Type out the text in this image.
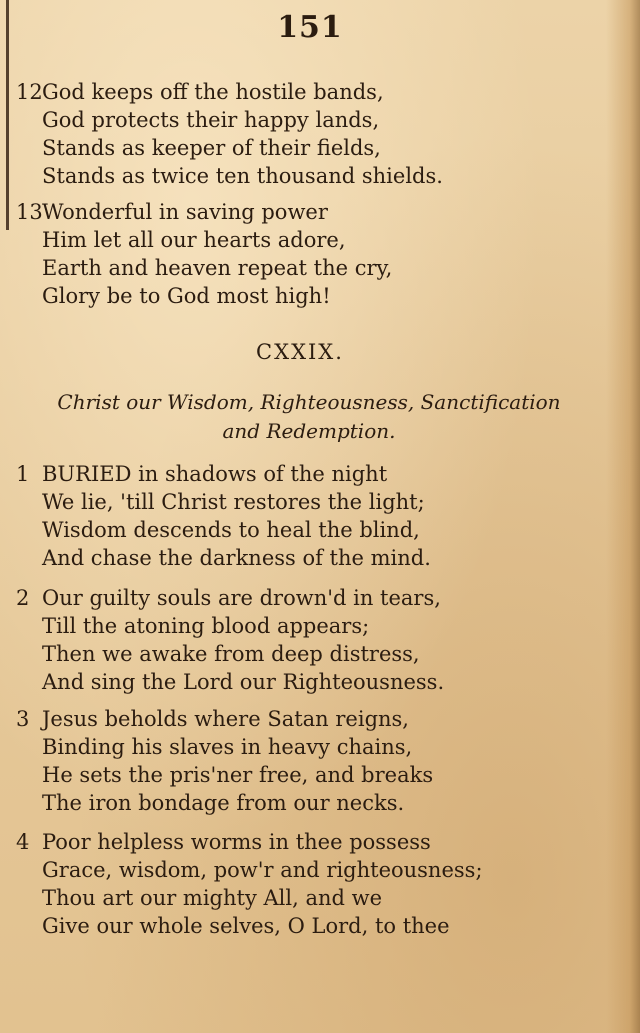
151
12God keeps off the hostile bands,
God protects their happy lands,
Stands as keeper of their fields,
Stands as twice ten thousand shields.
13Wonderful in saving power
Him let all our hearts adore,
Earth and heaven repeat the cry,
Glory be to God most high!
CXXIX.
Christ our Wisdom, Righteousness, Sanctification
and Redemption.
1 BURIED in shadows of the night
We lie, 'till Christ restores the light;
Wisdom descends to heal the blind,
And chase the darkness of the mind.
2 Our guilty souls are drown'd in tears,
Till the atoning blood appears;
Then we awake from deep distress,
And sing the Lord our Righteousness.
3 Jesus beholds where Satan reigns,
Binding his slaves in heavy chains,
He sets the pris'ner free, and breaks
The iron bondage from our necks.
4 Poor helpless worms in thee possess
Grace, wisdom, pow'r and righteousness;
Thou art our mighty All, and we
Give our whole selves, O Lord, to thee
